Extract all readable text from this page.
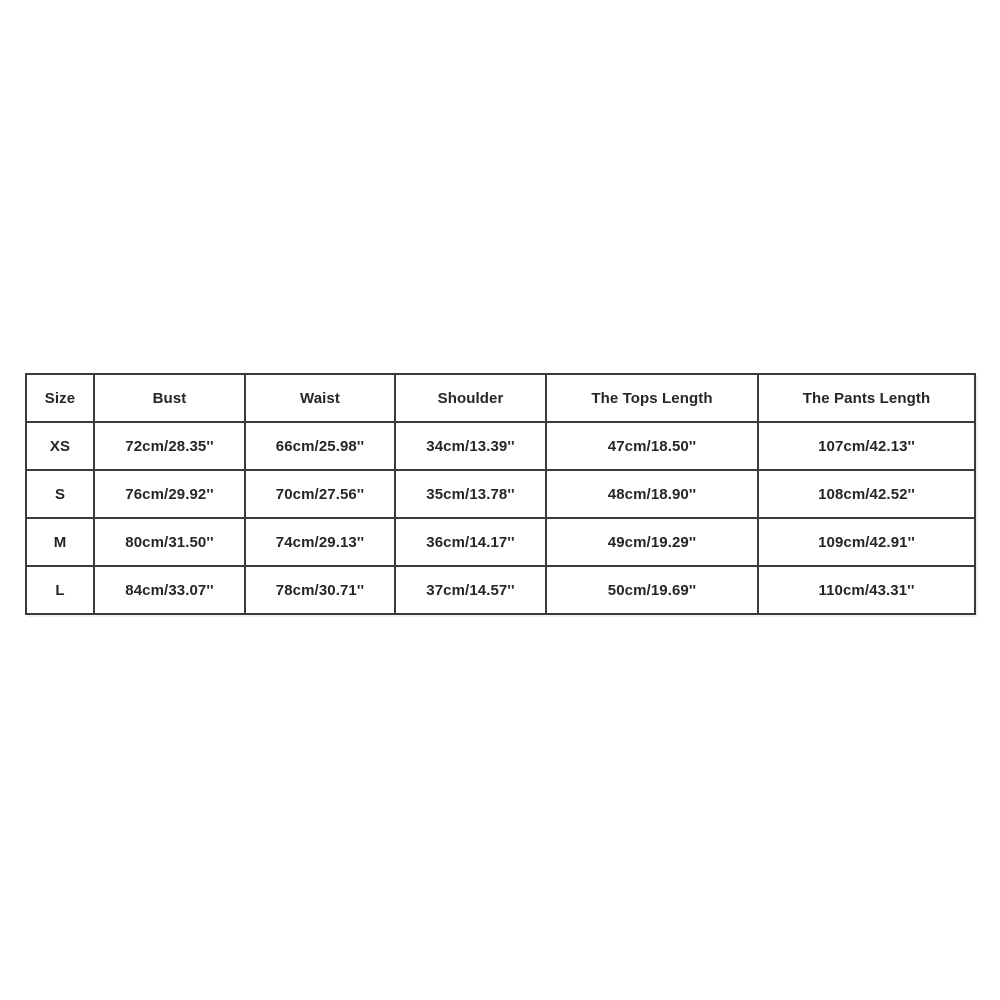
Size	Bust	Waist	Shoulder	The Tops Length	The Pants Length
XS	72cm/28.35''	66cm/25.98''	34cm/13.39''	47cm/18.50''	107cm/42.13''
S	76cm/29.92''	70cm/27.56''	35cm/13.78''	48cm/18.90''	108cm/42.52''
M	80cm/31.50''	74cm/29.13''	36cm/14.17''	49cm/19.29''	109cm/42.91''
L	84cm/33.07''	78cm/30.71''	37cm/14.57''	50cm/19.69''	110cm/43.31''
